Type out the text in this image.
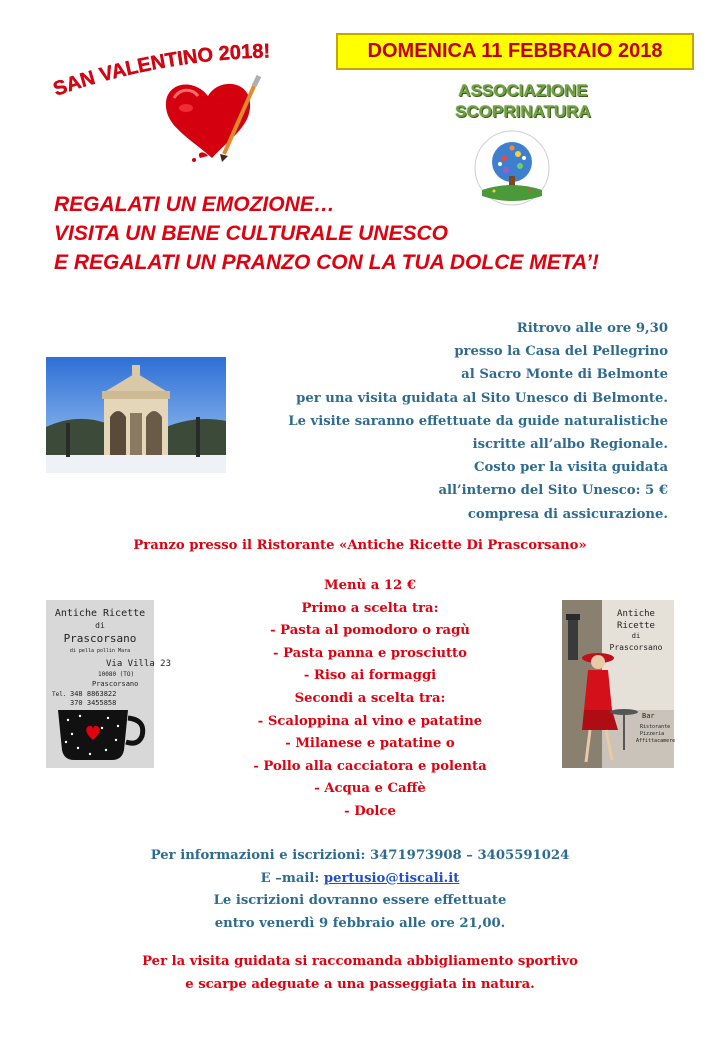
SAN VALENTINO 2018!	DOMENICA 11 FEBBRAIO 2018
ASSOCIAZIONE
SCOPRINATURA
REGALATI UN EMOZIONE…
VISITA UN BENE CULTURALE UNESCO
E REGALATI UN PRANZO CON LA TUA DOLCE META’!
Ritrovo alle ore 9,30
presso la Casa del Pellegrino
al Sacro Monte di Belmonte
per una visita guidata al Sito Unesco di Belmonte.
Le visite saranno effettuate da guide naturalistiche
iscritte all’albo Regionale.
Costo per la visita guidata
all’interno del Sito Unesco: 5 €
compresa di assicurazione.
Pranzo presso il Ristorante «Antiche Ricette Di Prascorsano»
Antiche Ricette
di
Prascorsano
di pella pollin Mara
Via Villa 23
10080 (TO)
Prascorsano
Tel. 348 8863822
370 3455858
Menù a 12 €
Primo a scelta tra:
- Pasta al pomodoro o ragù
- Pasta panna e prosciutto
- Riso ai formaggi
Secondi a scelta tra:
- Scaloppina al vino e patatine
- Milanese e patatine o
- Pollo alla cacciatora e polenta
- Acqua e Caffè
- Dolce
Antiche
Ricette
di
Prascorsano
Bar
Ristorante
Pizzeria
Affittacamere
Per informazioni e iscrizioni: 3471973908 – 3405591024
E –mail: pertusio@tiscali.it
Le iscrizioni dovranno essere effettuate
entro venerdì 9 febbraio alle ore 21,00.
Per la visita guidata si raccomanda abbigliamento sportivo
e scarpe adeguate a una passeggiata in natura.
